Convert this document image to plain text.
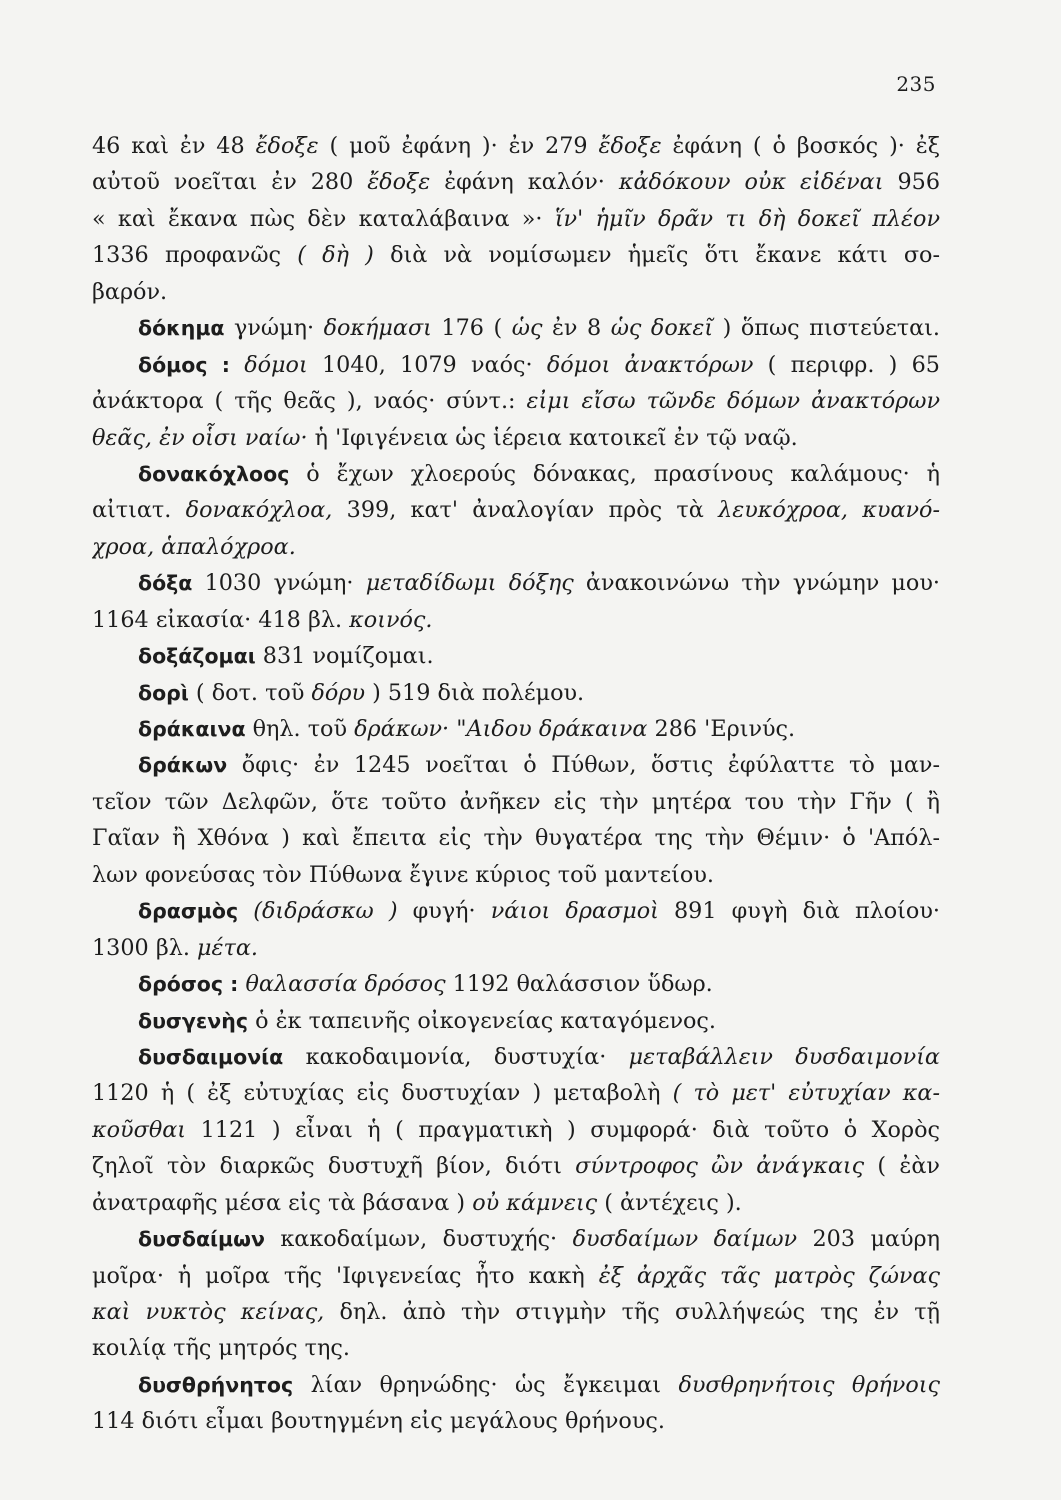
235
46 καὶ ἐν 48 ἔδοξε ( μοῦ ἐφάνη )· ἐν 279 ἔδοξε ἐφάνη ( ὁ βοσκός )· ἐξ
αὐτοῦ νοεῖται ἐν 280 ἔδοξε ἐφάνη καλόν· κἀδόκουν οὐκ εἰδέναι 956
« καὶ ἔκανα πὼς δὲν καταλάβαινα »· ἵν' ἡμῖν δρᾶν τι δὴ δοκεῖ πλέον
1336 προφανῶς ( δὴ ) διὰ νὰ νομίσωμεν ἡμεῖς ὅτι ἔκανε κάτι σο-
βαρόν.
δόκημα γνώμη· δοκήμασι 176 ( ὡς ἐν 8 ὡς δοκεῖ ) ὅπως πιστεύεται.
δόμος : δόμοι 1040, 1079 ναός· δόμοι ἀνακτόρων ( περιφρ. ) 65
ἀνάκτορα ( τῆς θεᾶς ), ναός· σύντ.: εἰμι εἴσω τῶνδε δόμων ἀνακτόρων
θεᾶς, ἐν οἷσι ναίω· ἡ 'Ιφιγένεια ὡς ἱέρεια κατοικεῖ ἐν τῷ ναῷ.
δονακόχλοος ὁ ἔχων χλοερούς δόνακας, πρασίνους καλάμους· ἡ
αἰτιατ. δονακόχλοα, 399, κατ' ἀναλογίαν πρὸς τὰ λευκόχροα, κυανό-
χροα, ἁπαλόχροα.
δόξα 1030 γνώμη· μεταδίδωμι δόξης ἀνακοινώνω τὴν γνώμην μου·
1164 εἰκασία· 418 βλ. κοινός.
δοξάζομαι 831 νομίζομαι.
δορὶ ( δοτ. τοῦ δόρυ ) 519 διὰ πολέμου.
δράκαινα θηλ. τοῦ δράκων· "Αιδου δράκαινα 286 'Ερινύς.
δράκων ὄφις· ἐν 1245 νοεῖται ὁ Πύθων, ὅστις ἐφύλαττε τὸ μαν-
τεῖον τῶν Δελφῶν, ὅτε τοῦτο ἀνῆκεν εἰς τὴν μητέρα του τὴν Γῆν ( ἢ
Γαῖαν ἢ Χθόνα ) καὶ ἔπειτα εἰς τὴν θυγατέρα της τὴν Θέμιν· ὁ 'Απόλ-
λων φονεύσας τὸν Πύθωνα ἔγινε κύριος τοῦ μαντείου.
δρασμὸς (διδράσκω ) φυγή· νάιοι δρασμοὶ 891 φυγὴ διὰ πλοίου·
1300 βλ. μέτα.
δρόσος : θαλασσία δρόσος 1192 θαλάσσιον ὕδωρ.
δυσγενὴς ὁ ἐκ ταπεινῆς οἰκογενείας καταγόμενος.
δυσδαιμονία κακοδαιμονία, δυστυχία· μεταβάλλειν δυσδαιμονία
1120 ἡ ( ἐξ εὐτυχίας εἰς δυστυχίαν ) μεταβολὴ ( τὸ μετ' εὐτυχίαν κα-
κοῦσθαι 1121 ) εἶναι ἡ ( πραγματικὴ ) συμφορά· διὰ τοῦτο ὁ Χορὸς
ζηλοῖ τὸν διαρκῶς δυστυχῆ βίον, διότι σύντροφος ὢν ἀνάγκαις ( ἐὰν
ἀνατραφῆς μέσα εἰς τὰ βάσανα ) οὐ κάμνεις ( ἀντέχεις ).
δυσδαίμων κακοδαίμων, δυστυχής· δυσδαίμων δαίμων 203 μαύρη
μοῖρα· ἡ μοῖρα τῆς 'Ιφιγενείας ἦτο κακὴ ἐξ ἀρχᾶς τᾶς ματρὸς ζώνας
καὶ νυκτὸς κείνας, δηλ. ἀπὸ τὴν στιγμὴν τῆς συλλήψεώς της ἐν τῇ
κοιλίᾳ τῆς μητρός της.
δυσθρήνητος λίαν θρηνώδης· ὡς ἔγκειμαι δυσθρηνήτοις θρήνοις
114 διότι εἶμαι βουτηγμένη εἰς μεγάλους θρήνους.
